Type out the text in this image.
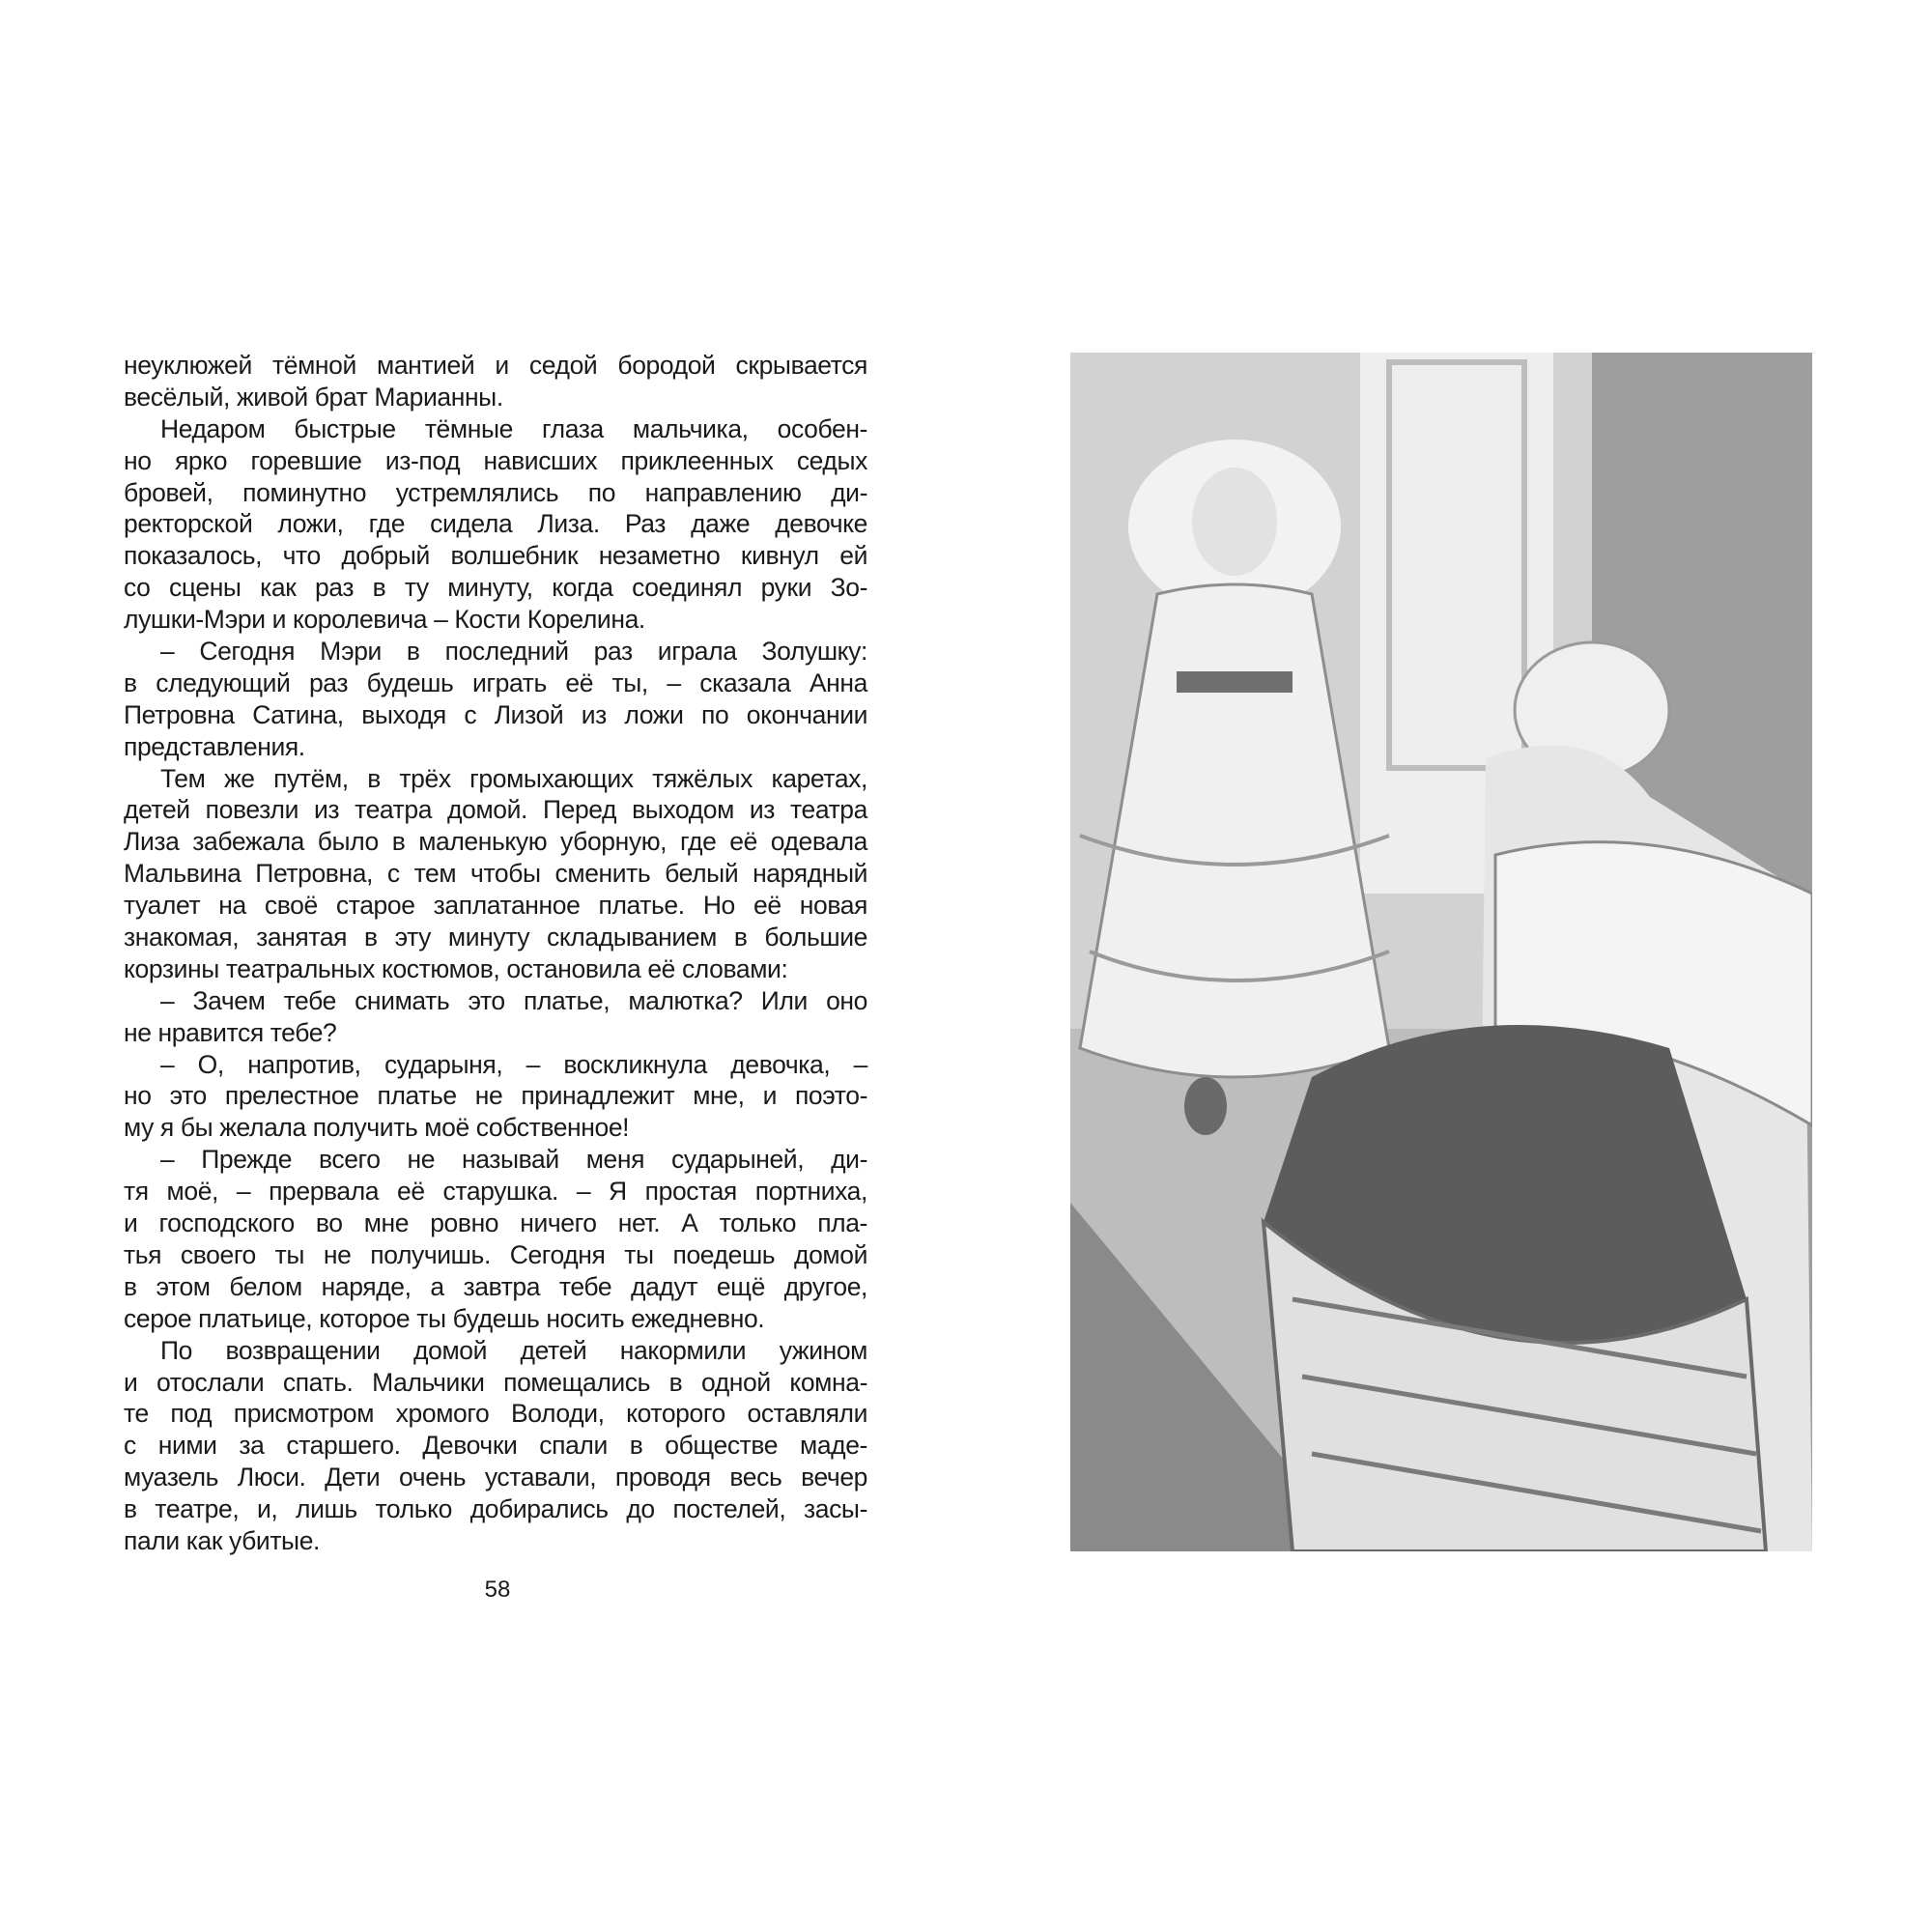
неуклюжей тёмной мантией и седой бородой скрывается
весёлый, живой брат Марианны.
Недаром быстрые тёмные глаза мальчика, особен-
но ярко горевшие из-под нависших приклеенных седых
бровей, поминутно устремлялись по направлению ди-
ректорской ложи, где сидела Лиза. Раз даже девочке
показалось, что добрый волшебник незаметно кивнул ей
со сцены как раз в ту минуту, когда соединял руки Зо-
лушки-Мэри и королевича – Кости Корелина.
– Сегодня Мэри в последний раз играла Золушку:
в следующий раз будешь играть её ты, – сказала Анна
Петровна Сатина, выходя с Лизой из ложи по окончании
представления.
Тем же путём, в трёх громыхающих тяжёлых каретах,
детей повезли из театра домой. Перед выходом из театра
Лиза забежала было в маленькую уборную, где её одевала
Мальвина Петровна, с тем чтобы сменить белый нарядный
туалет на своё старое заплатанное платье. Но её новая
знакомая, занятая в эту минуту складыванием в большие
корзины театральных костюмов, остановила её словами:
– Зачем тебе снимать это платье, малютка? Или оно
не нравится тебе?
– О, напротив, сударыня, – воскликнула девочка, –
но это прелестное платье не принадлежит мне, и поэто-
му я бы желала получить моё собственное!
– Прежде всего не называй меня сударыней, ди-
тя моё, – прервала её старушка. – Я простая портниха,
и господского во мне ровно ничего нет. А только пла-
тья своего ты не получишь. Сегодня ты поедешь домой
в этом белом наряде, а завтра тебе дадут ещё другое,
серое платьице, которое ты будешь носить ежедневно.
По возвращении домой детей накормили ужином
и отослали спать. Мальчики помещались в одной комна-
те под присмотром хромого Володи, которого оставляли
с ними за старшего. Девочки спали в обществе маде-
муазель Люси. Дети очень уставали, проводя весь вечер
в театре, и, лишь только добирались до постелей, засы-
пали как убитые.
58
